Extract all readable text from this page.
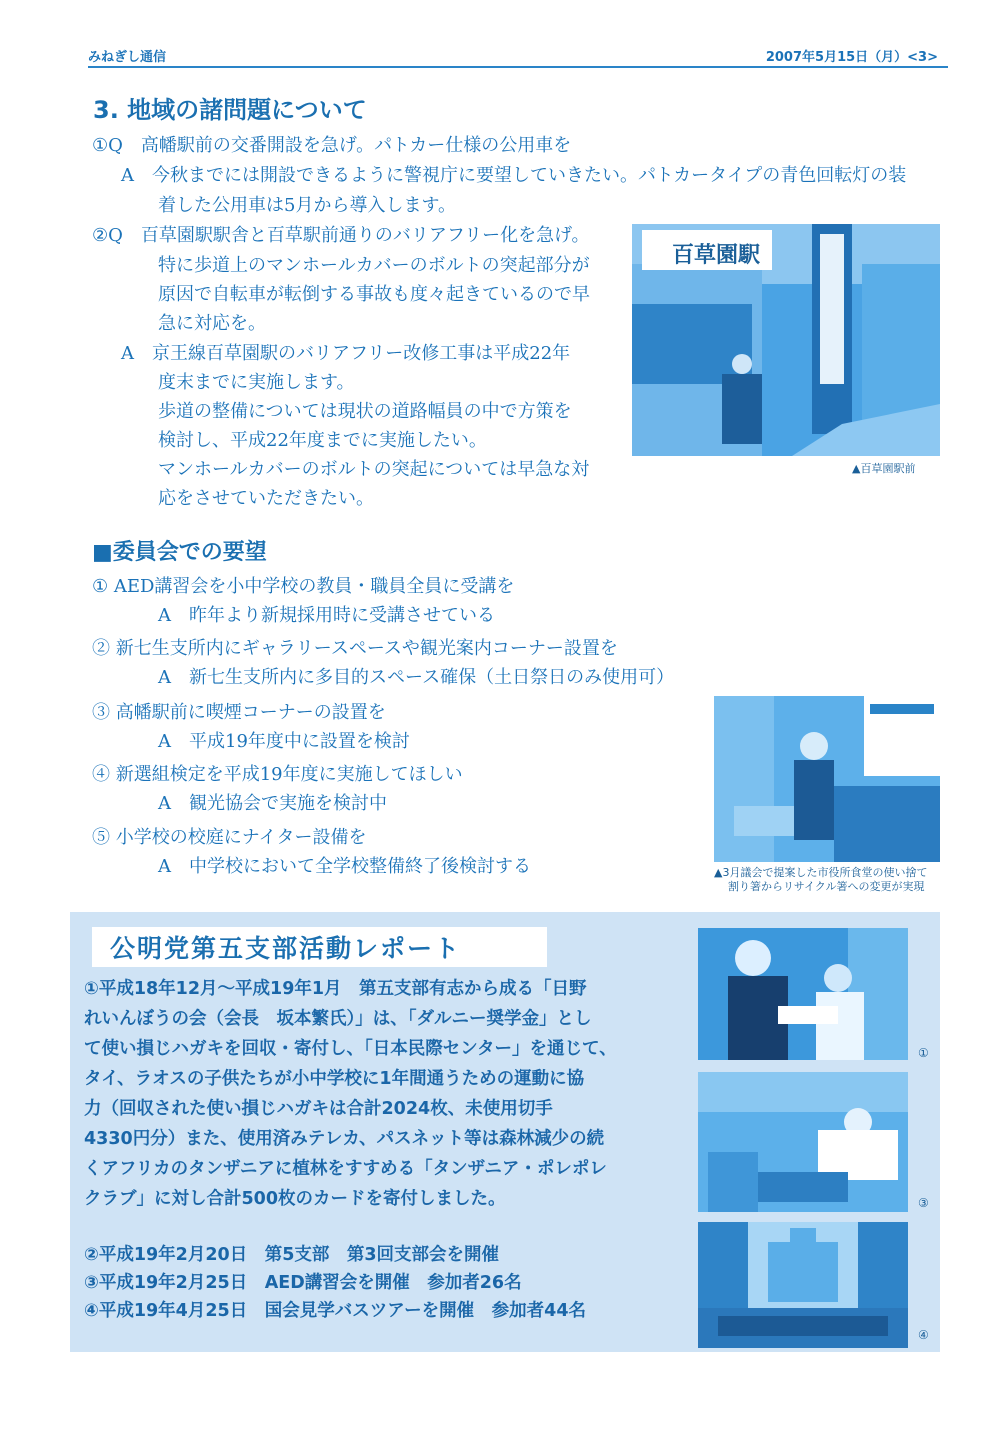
みねぎし通信	2007年5月15日（月）<3>
3. 地域の諸問題について
①Q　高幡駅前の交番開設を急げ。パトカー仕様の公用車を
A　今秋までには開設できるように警視庁に要望していきたい。パトカータイプの青色回転灯の装
着した公用車は5月から導入します。
②Q　百草園駅駅舎と百草駅前通りのバリアフリー化を急げ。
特に歩道上のマンホールカバーのボルトの突起部分が
原因で自転車が転倒する事故も度々起きているので早
急に対応を。
A　京王線百草園駅のバリアフリー改修工事は平成22年
度末までに実施します。
歩道の整備については現状の道路幅員の中で方策を
検討し、平成22年度までに実施したい。
マンホールカバーのボルトの突起については早急な対
応をさせていただきたい。
百草園駅
▲百草園駅前
■委員会での要望
① AED講習会を小中学校の教員・職員全員に受講を
A　昨年より新規採用時に受講させている
② 新七生支所内にギャラリースペースや観光案内コーナー設置を
A　新七生支所内に多目的スペース確保（土日祭日のみ使用可）
③ 高幡駅前に喫煙コーナーの設置を
A　平成19年度中に設置を検討
④ 新選組検定を平成19年度に実施してほしい
A　観光協会で実施を検討中
⑤ 小学校の校庭にナイター設備を
A　中学校において全学校整備終了後検討する	▲3月議会で提案した市役所食堂の使い捨て
割り箸からリサイクル箸への変更が実現
公明党第五支部活動レポート
①平成18年12月～平成19年1月　第五支部有志から成る「日野
れいんぼうの会（会長　坂本繁氏）」は、「ダルニー奨学金」とし
て使い損じハガキを回収・寄付し、「日本民際センター」を通じて、
タイ、ラオスの子供たちが小中学校に1年間通うための運動に協
力（回収された使い損じハガキは合計2024枚、未使用切手
4330円分）また、使用済みテレカ、パスネット等は森林減少の続
くアフリカのタンザニアに植林をすすめる「タンザニア・ポレポレ
クラブ」に対し合計500枚のカードを寄付しました。
②平成19年2月20日　第5支部　第3回支部会を開催
③平成19年2月25日　AED講習会を開催　参加者26名
④平成19年4月25日　国会見学バスツアーを開催　参加者44名
①
③
④
